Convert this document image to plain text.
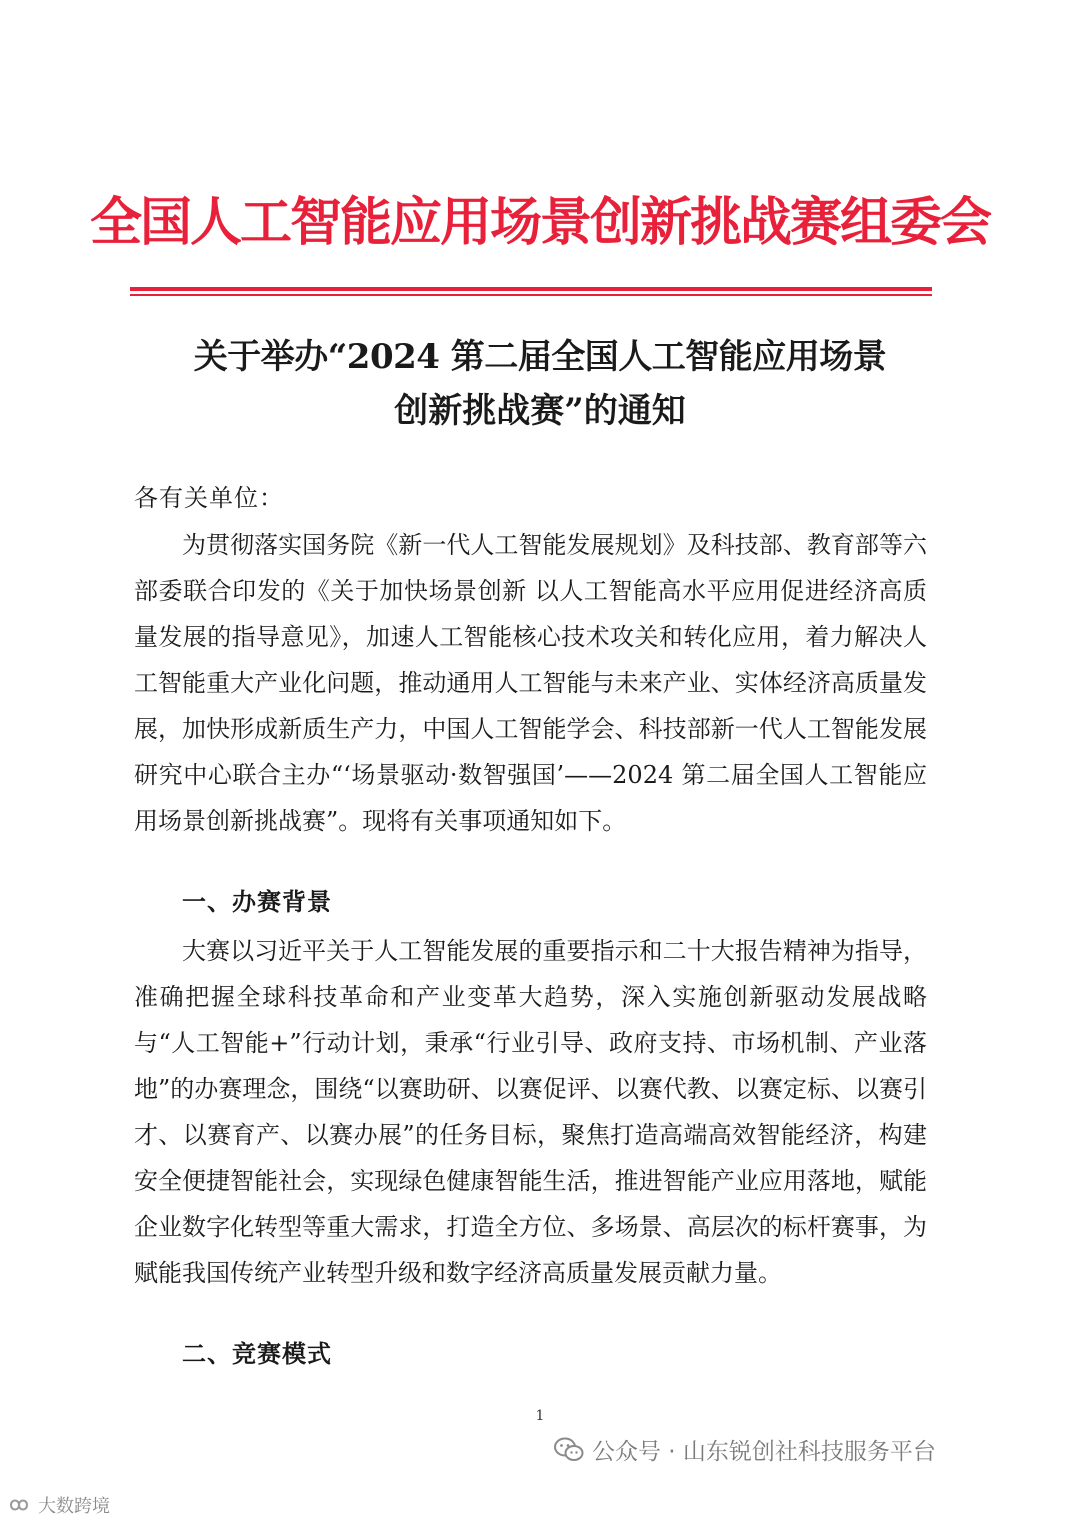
全国人工智能应用场景创新挑战赛组委会
关于举办“2024 第二届全国人工智能应用场景
创新挑战赛”的通知
各有关单位：

为贯彻落实国务院《新一代人工智能发展规划》及科技部、教育部等六部委联合印发的《关于加快场景创新 以人工智能高水平应用促进经济高质量发展的指导意见》，加速人工智能核心技术攻关和转化应用，着力解决人工智能重大产业化问题，推动通用人工智能与未来产业、实体经济高质量发展，加快形成新质生产力，中国人工智能学会、科技部新一代人工智能发展研究中心联合主办“‘场景驱动·数智强国’——2024 第二届全国人工智能应用场景创新挑战赛”。现将有关事项通知如下。

一、办赛背景

大赛以习近平关于人工智能发展的重要指示和二十大报告精神为指导，准确把握全球科技革命和产业变革大趋势，深入实施创新驱动发展战略与“人工智能+”行动计划，秉承“行业引导、政府支持、市场机制、产业落地”的办赛理念，围绕“以赛助研、以赛促评、以赛代教、以赛定标、以赛引才、以赛育产、以赛办展”的任务目标，聚焦打造高端高效智能经济，构建安全便捷智能社会，实现绿色健康智能生活，推进智能产业应用落地，赋能企业数字化转型等重大需求，打造全方位、多场景、高层次的标杆赛事，为赋能我国传统产业转型升级和数字经济高质量发展贡献力量。

二、竞赛模式
1
公众号 · 山东锐创社科技服务平台
大数跨境
